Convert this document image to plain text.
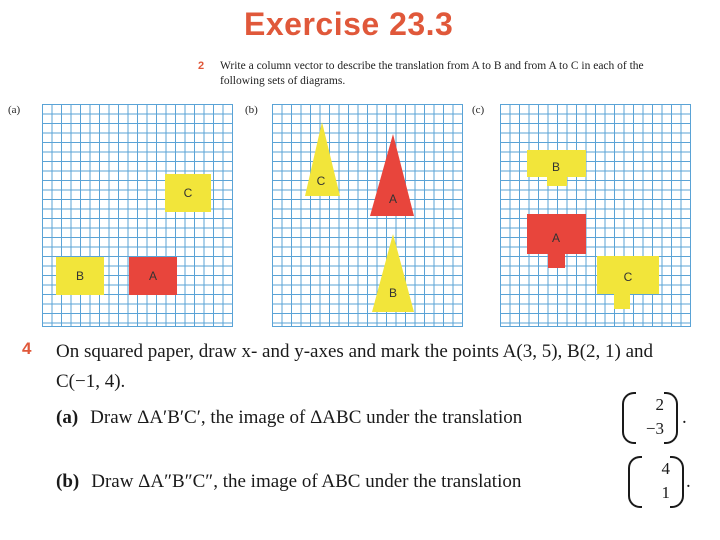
Exercise 23.3
2 Write a column vector to describe the translation from A to B and from A to C in each of the following sets of diagrams.
(a)
C
B	A
(b)
C
A
B
(c)
B
A
C
4 On squared paper, draw x- and y-axes and mark the points A(3, 5), B(2, 1) and C(−1, 4).
(a) Draw ΔA′B′C′, the image of ΔABC under the translation
2
−3
.
(b) Draw ΔA″B″C″, the image of ABC under the translation
4
1
.
